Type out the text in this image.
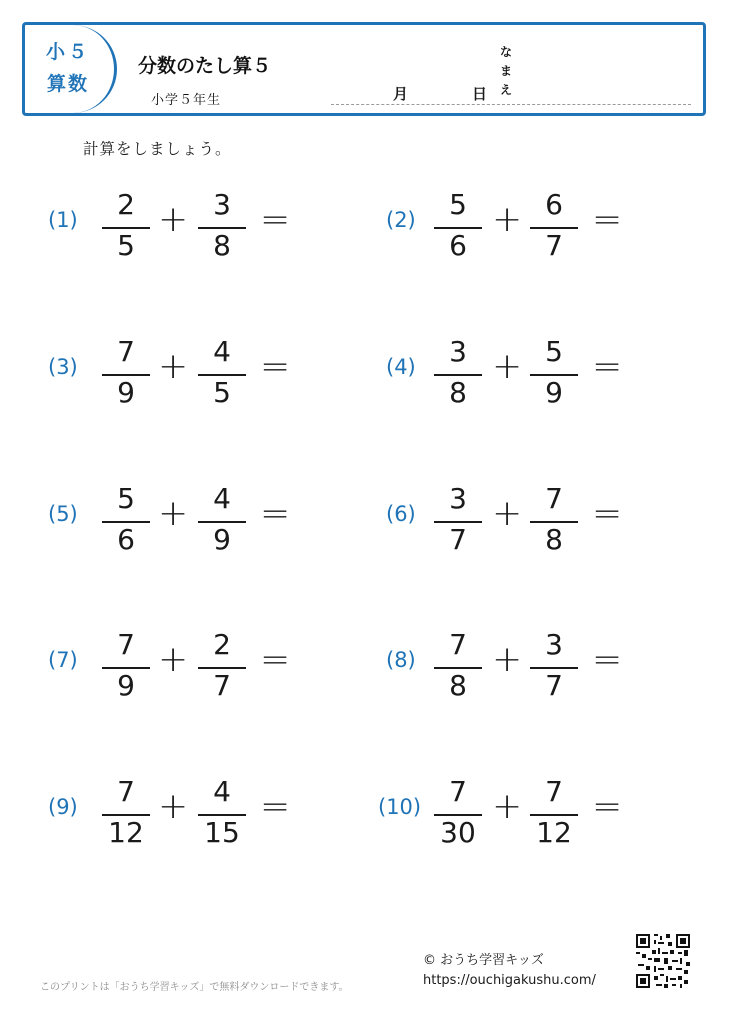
小５
算数
分数のたし算５
小学５年生	月	日
なまえ
計算をしましょう。
(1)	2
5
+ 3
8
=	(2)	5
6
+ 6
7
=
(3)	7
9
+ 4
5
=	(4)	3
8
+ 5
9
=
(5)	5
6
+ 4
9
=	(6)	3
7
+ 7
8
=
(7)	7
9
+ 2
7
=	(8)	7
8
+ 3
7
=
(9)	7
12
+ 4
15
=	(10) 7
30
+ 7
12
=
© おうち学習キッズ
https://ouchigakushu.com/
このプリントは「おうち学習キッズ」で無料ダウンロードできます。
